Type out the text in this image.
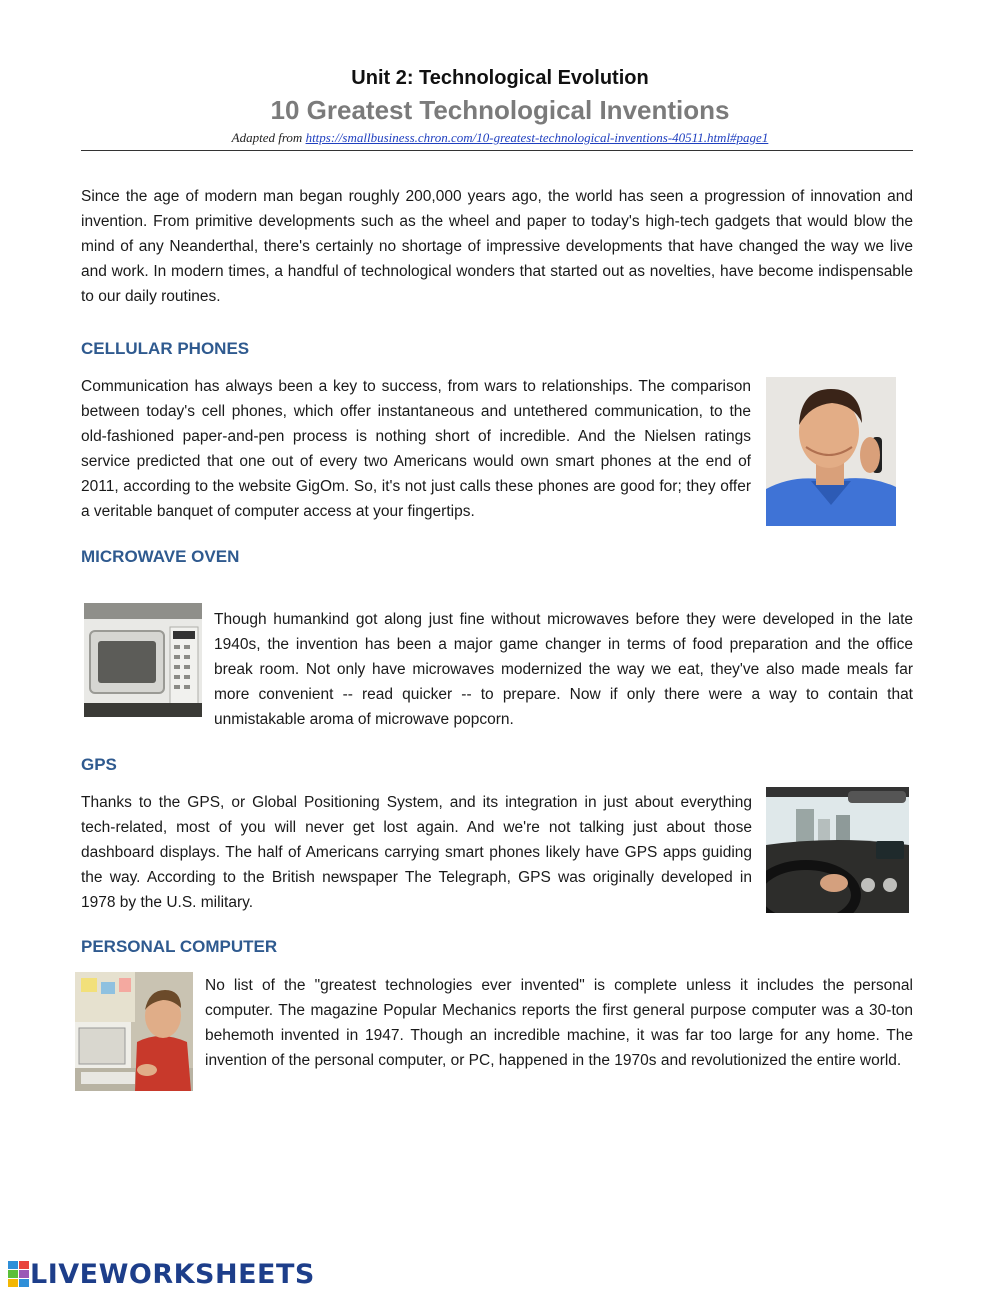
Unit 2: Technological Evolution
10 Greatest Technological Inventions
Adapted from https://smallbusiness.chron.com/10-greatest-technological-inventions-40511.html#page1

Since the age of modern man began roughly 200,000 years ago, the world has seen a progression of innovation and invention. From primitive developments such as the wheel and paper to today's high-tech gadgets that would blow the mind of any Neanderthal, there's certainly no shortage of impressive developments that have changed the way we live and work. In modern times, a handful of technological wonders that started out as novelties, have become indispensable to our daily routines.

CELLULAR PHONES

Communication has always been a key to success, from wars to relationships. The comparison between today's cell phones, which offer instantaneous and untethered communication, to the old-fashioned paper-and-pen process is nothing short of incredible. And the Nielsen ratings service predicted that one out of every two Americans would own smart phones at the end of 2011, according to the website GigOm. So, it's not just calls these phones are good for; they offer a veritable banquet of computer access at your fingertips.

MICROWAVE OVEN

Though humankind got along just fine without microwaves before they were developed in the late 1940s, the invention has been a major game changer in terms of food preparation and the office break room. Not only have microwaves modernized the way we eat, they've also made meals far more convenient -- read quicker -- to prepare. Now if only there were a way to contain that unmistakable aroma of microwave popcorn.

GPS

Thanks to the GPS, or Global Positioning System, and its integration in just about everything tech-related, most of you will never get lost again. And we're not talking just about those dashboard displays. The half of Americans carrying smart phones likely have GPS apps guiding the way. According to the British newspaper The Telegraph, GPS was originally developed in 1978 by the U.S. military.

PERSONAL COMPUTER

No list of the "greatest technologies ever invented" is complete unless it includes the personal computer. The magazine Popular Mechanics reports the first general purpose computer was a 30-ton behemoth invented in 1947. Though an incredible machine, it was far too large for any home. The invention of the personal computer, or PC, happened in the 1970s and revolutionized the entire world.

LIVEWORKSHEETS
